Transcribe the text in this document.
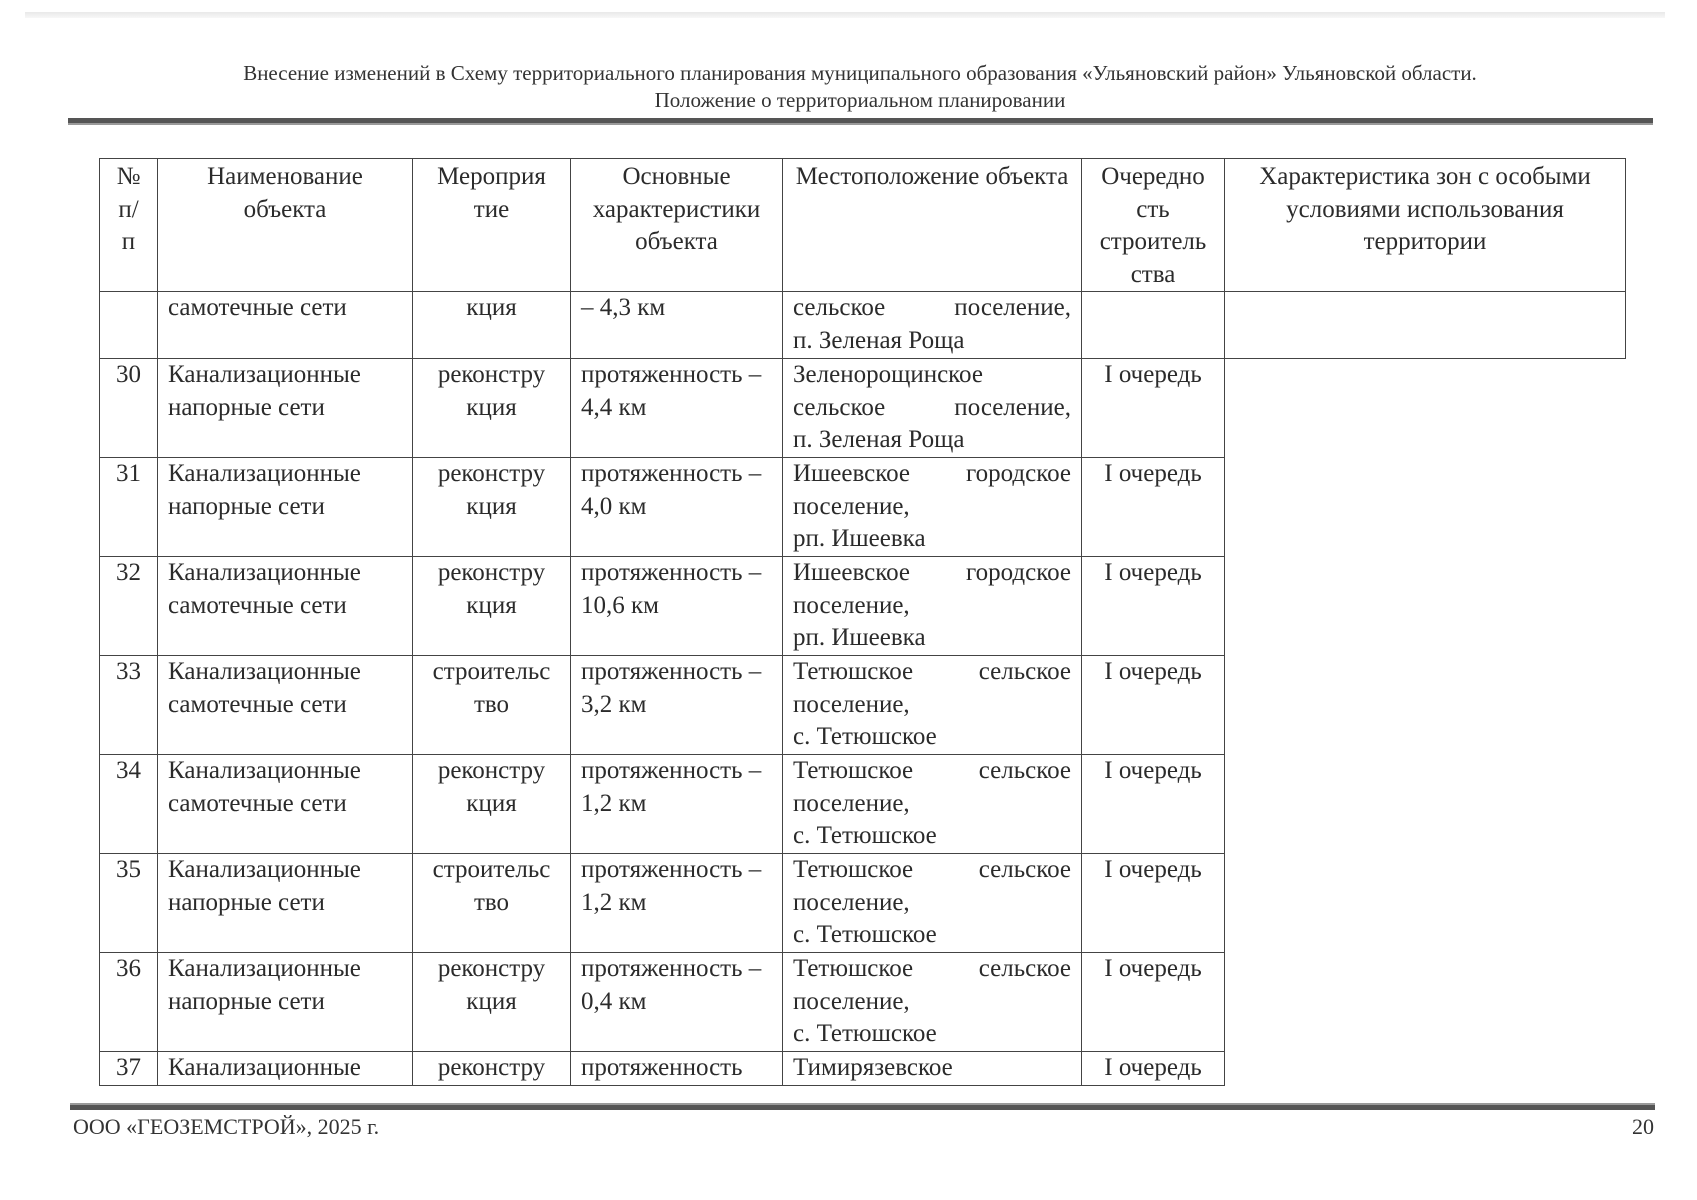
Внесение изменений в Схему территориального планирования муниципального образования «Ульяновский район» Ульяновской области.
Положение о территориальном планировании
№ п/ п	Наименование объекта	Мероприя тие	Основные характеристики объекта	Местоположение объекта	Очередно сть строитель ства	Характеристика зон с особыми условиями использования территории
	самотечные сети	кция	– 4,3 км	сельское поселение,
п. Зеленая Роща		

30	Канализационные напорные сети	реконстру кция	протяженность – 4,4 км	Зеленорощинское
сельское поселение,
п. Зеленая Роща	I очередь	
31	Канализационные напорные сети	реконстру кция	протяженность – 4,0 км	Ишеевское городское
поселение,
рп. Ишеевка	I очередь	
32	Канализационные самотечные сети	реконстру кция	протяженность – 10,6 км	Ишеевское городское
поселение,
рп. Ишеевка	I очередь	
33	Канализационные самотечные сети	строительс тво	протяженность – 3,2 км	Тетюшское сельское
поселение,
с. Тетюшское	I очередь	
34	Канализационные самотечные сети	реконстру кция	протяженность – 1,2 км	Тетюшское сельское
поселение,
с. Тетюшское	I очередь	
35	Канализационные напорные сети	строительс тво	протяженность – 1,2 км	Тетюшское сельское
поселение,
с. Тетюшское	I очередь	
36	Канализационные напорные сети	реконстру кция	протяженность – 0,4 км	Тетюшское сельское
поселение,
с. Тетюшское	I очередь	
37	Канализационные	реконстру	протяженность	Тимирязевское	I очередь	
ООО «ГЕОЗЕМСТРОЙ», 2025 г.	20
